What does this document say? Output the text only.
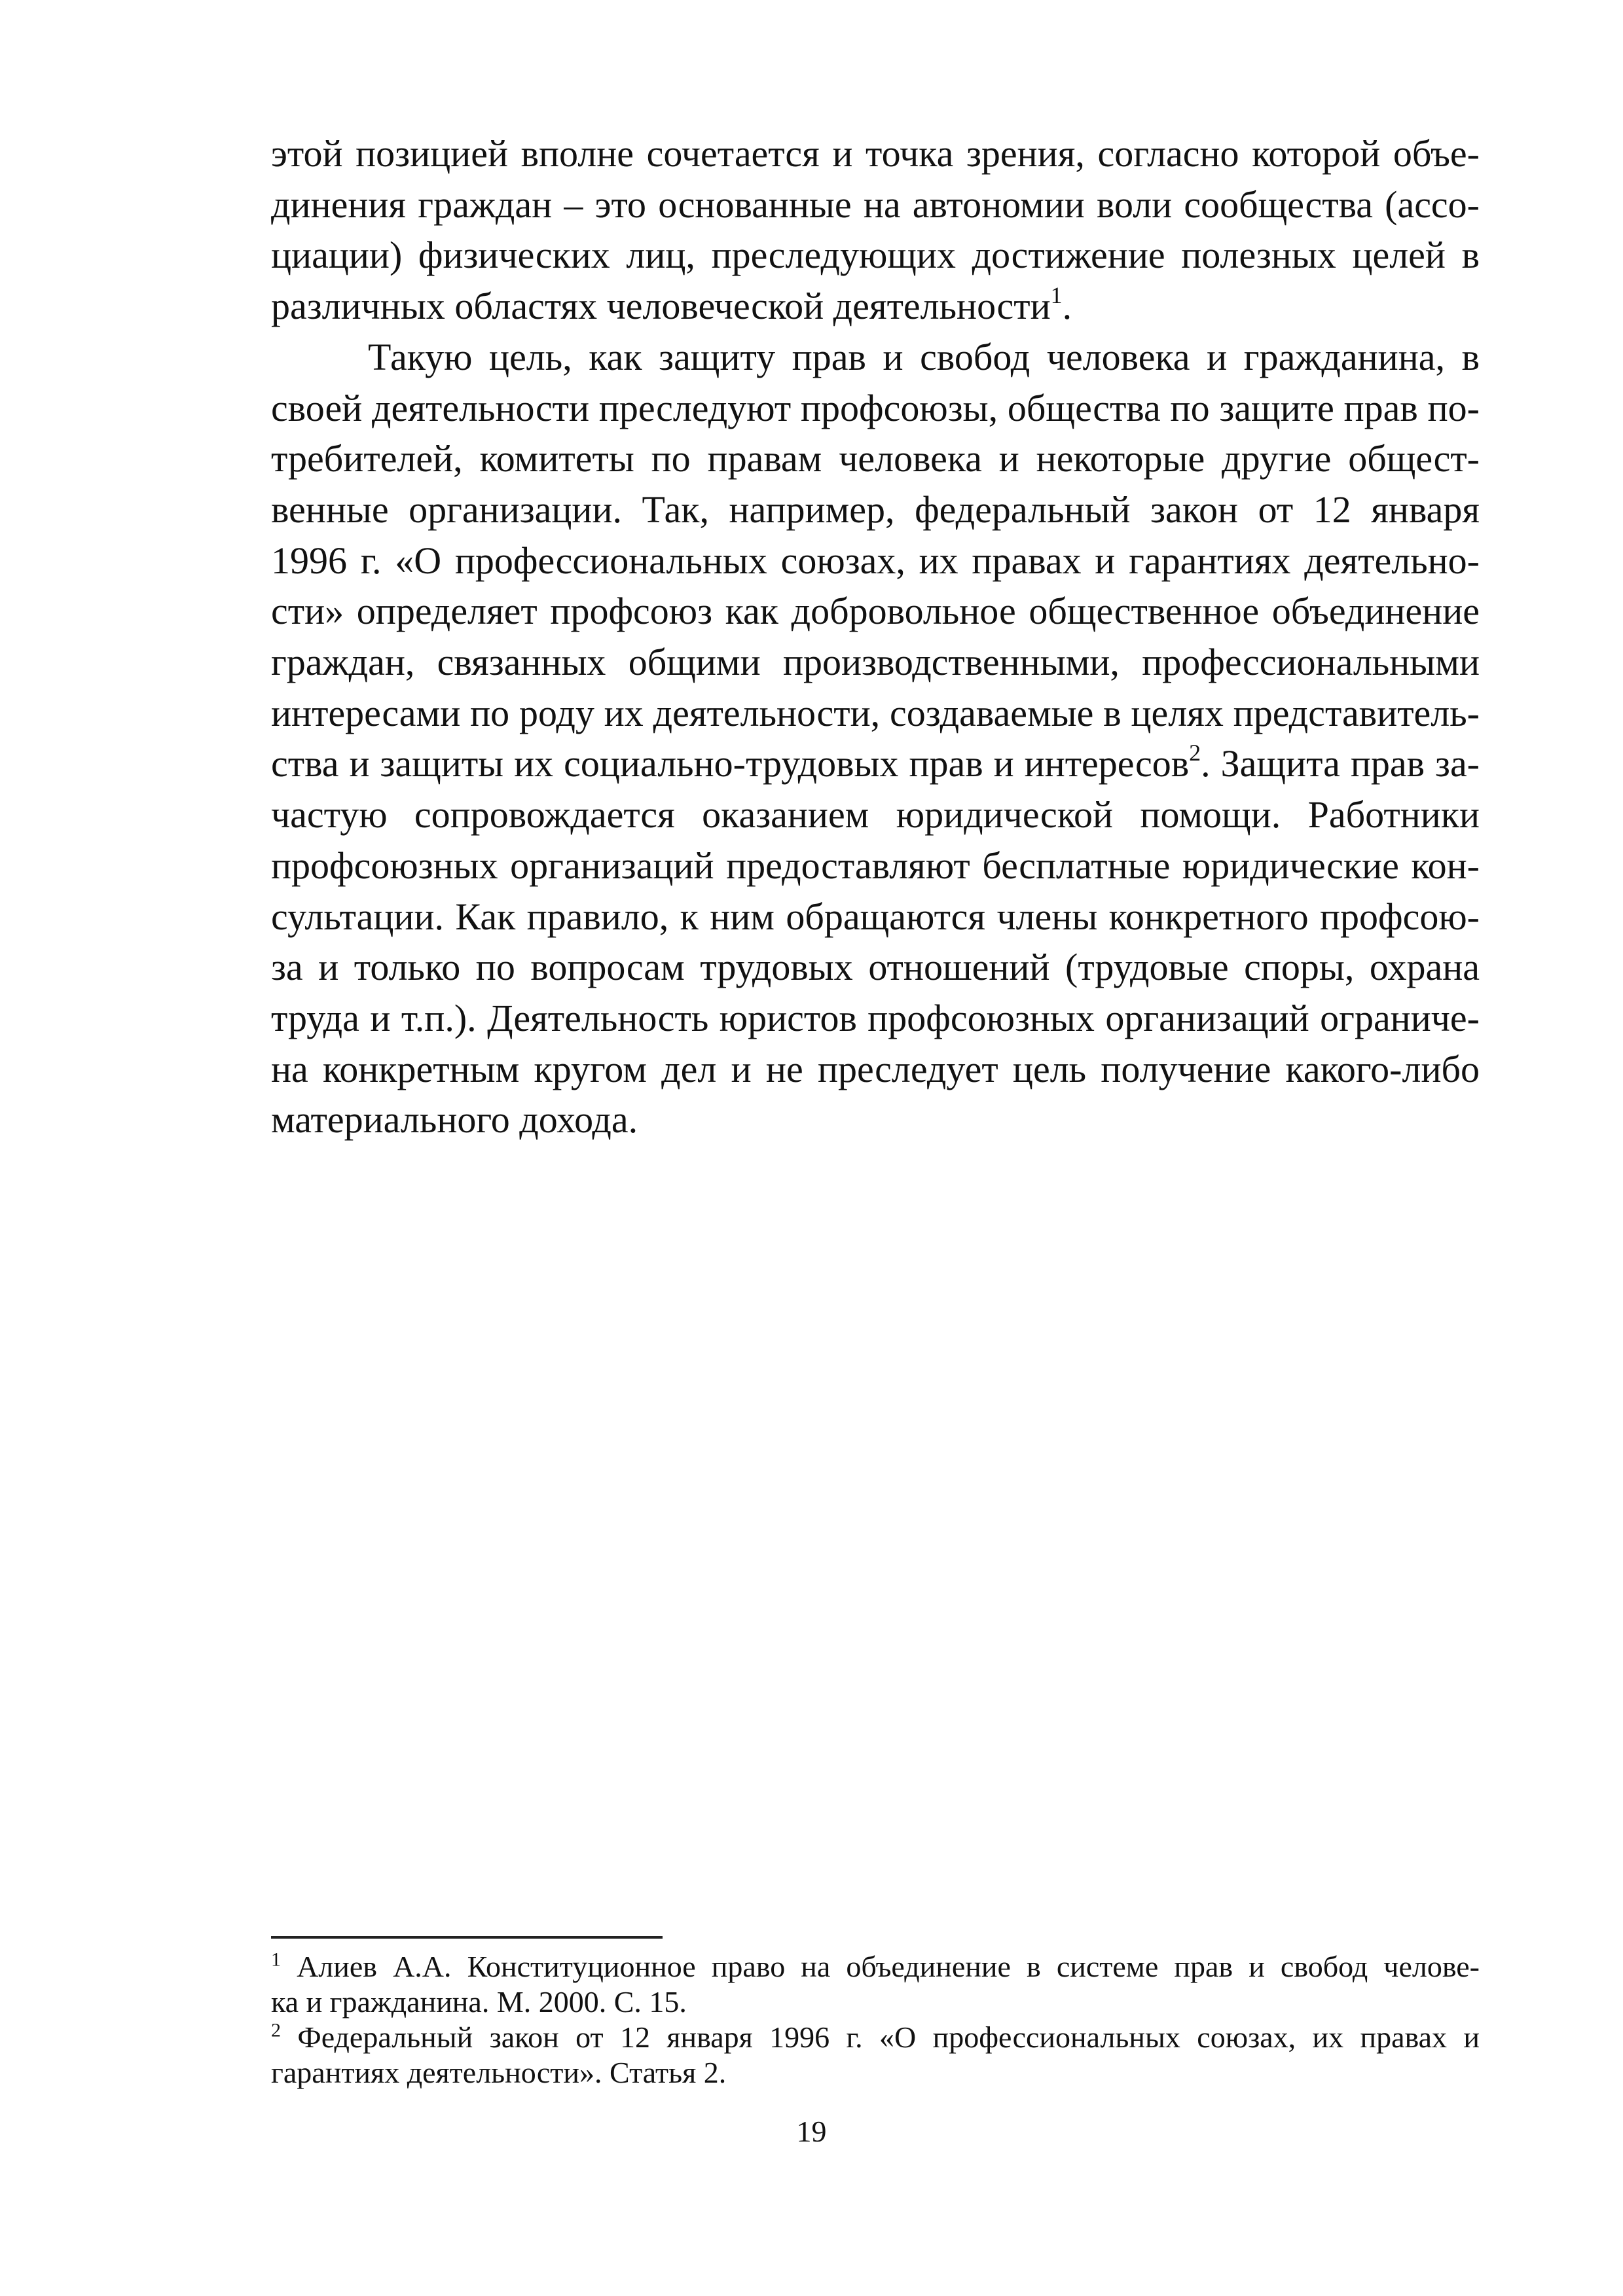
этой позицией вполне сочетается и точка зрения, согласно которой объе-
динения граждан – это основанные на автономии воли сообщества (ассо-
циации) физических лиц, преследующих достижение полезных целей в
различных областях человеческой деятельности$^1$.

Такую цель, как защиту прав и свобод человека и гражданина, в
своей деятельности преследуют профсоюзы, общества по защите прав по-
требителей, комитеты по правам человека и некоторые другие общест-
венные организации. Так, например, федеральный закон от 12 января
1996 г. «О профессиональных союзах, их правах и гарантиях деятельно-
сти» определяет профсоюз как добровольное общественное объединение
граждан, связанных общими производственными, профессиональными
интересами по роду их деятельности, создаваемые в целях представитель-
ства и защиты их социально-трудовых прав и интересов$^2$. Защита прав за-
частую сопровождается оказанием юридической помощи. Работники
профсоюзных организаций предоставляют бесплатные юридические кон-
сультации. Как правило, к ним обращаются члены конкретного профсою-
за и только по вопросам трудовых отношений (трудовые споры, охрана
труда и т.п.). Деятельность юристов профсоюзных организаций ограниче-
на конкретным кругом дел и не преследует цель получение какого-либо
материального дохода.

$^1$ Алиев А.А. Конституционное право на объединение в системе прав и свобод челове-
ка и гражданина. М. 2000. С. 15.

$^2$ Федеральный закон от 12 января 1996 г. «О профессиональных союзах, их правах и
гарантиях деятельности». Статья 2.

19
